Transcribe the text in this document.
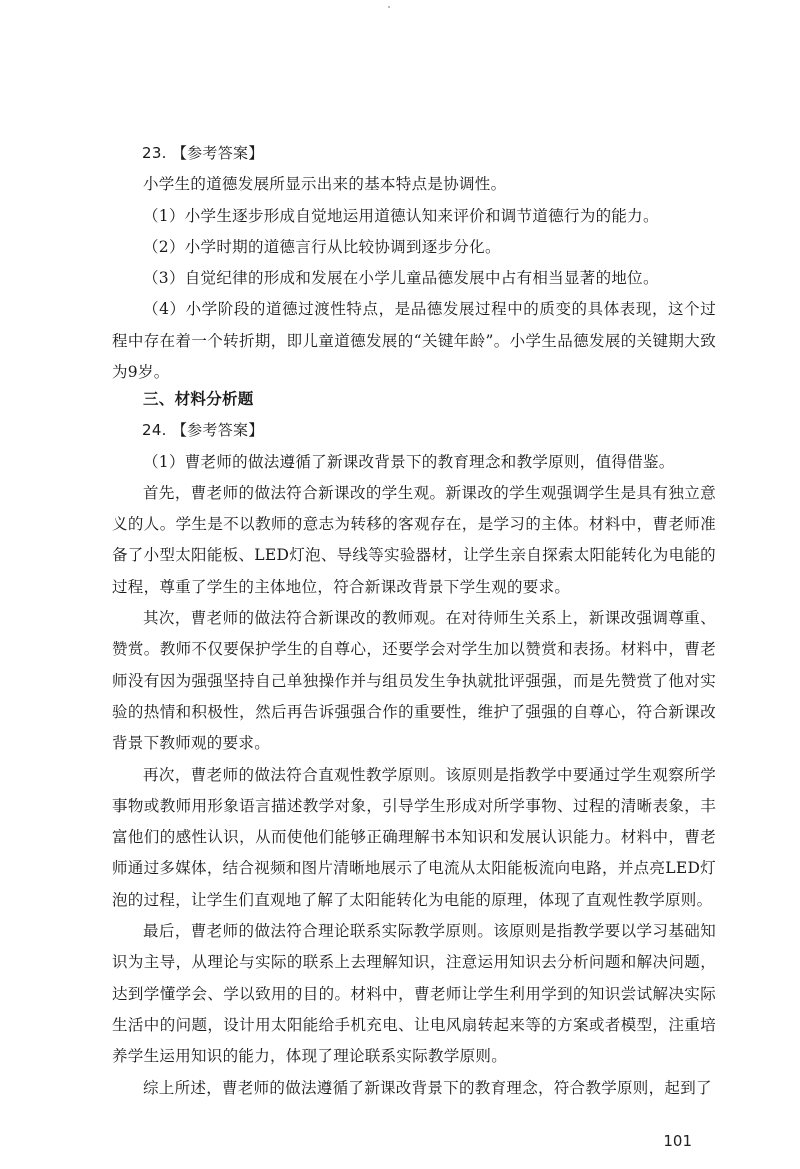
23. 【参考答案】

小学生的道德发展所显示出来的基本特点是协调性。

（1）小学生逐步形成自觉地运用道德认知来评价和调节道德行为的能力。

（2）小学时期的道德言行从比较协调到逐步分化。

（3）自觉纪律的形成和发展在小学儿童品德发展中占有相当显著的地位。

（4）小学阶段的道德过渡性特点，是品德发展过程中的质变的具体表现，这个过程中存在着一个转折期，即儿童道德发展的“关键年龄”。小学生品德发展的关键期大致为9岁。

三、材料分析题

24. 【参考答案】

（1）曹老师的做法遵循了新课改背景下的教育理念和教学原则，值得借鉴。

首先，曹老师的做法符合新课改的学生观。新课改的学生观强调学生是具有独立意义的人。学生是不以教师的意志为转移的客观存在，是学习的主体。材料中，曹老师准备了小型太阳能板、LED灯泡、导线等实验器材，让学生亲自探索太阳能转化为电能的过程，尊重了学生的主体地位，符合新课改背景下学生观的要求。

其次，曹老师的做法符合新课改的教师观。在对待师生关系上，新课改强调尊重、赞赏。教师不仅要保护学生的自尊心，还要学会对学生加以赞赏和表扬。材料中，曹老师没有因为强强坚持自己单独操作并与组员发生争执就批评强强，而是先赞赏了他对实验的热情和积极性，然后再告诉强强合作的重要性，维护了强强的自尊心，符合新课改背景下教师观的要求。

再次，曹老师的做法符合直观性教学原则。该原则是指教学中要通过学生观察所学事物或教师用形象语言描述教学对象，引导学生形成对所学事物、过程的清晰表象，丰富他们的感性认识，从而使他们能够正确理解书本知识和发展认识能力。材料中，曹老师通过多媒体，结合视频和图片清晰地展示了电流从太阳能板流向电路，并点亮LED灯泡的过程，让学生们直观地了解了太阳能转化为电能的原理，体现了直观性教学原则。

最后，曹老师的做法符合理论联系实际教学原则。该原则是指教学要以学习基础知识为主导，从理论与实际的联系上去理解知识，注意运用知识去分析问题和解决问题，达到学懂学会、学以致用的目的。材料中，曹老师让学生利用学到的知识尝试解决实际生活中的问题，设计用太阳能给手机充电、让电风扇转起来等的方案或者模型，注重培养学生运用知识的能力，体现了理论联系实际教学原则。

综上所述，曹老师的做法遵循了新课改背景下的教育理念，符合教学原则，起到了

101
